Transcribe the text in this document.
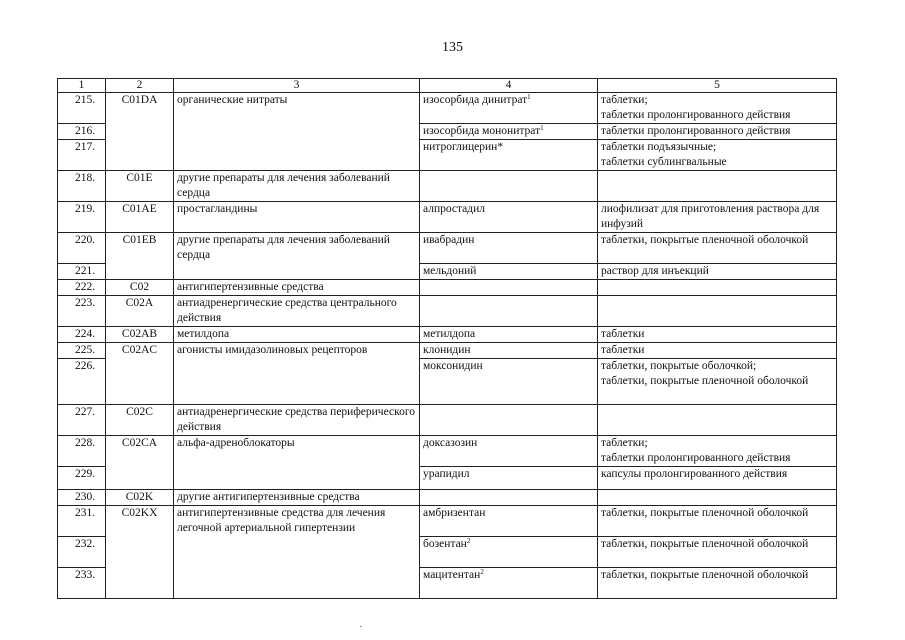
135
1	2	3	4	5
215.	C01DA	органические нитраты	изосорбида динитрат$^1$	таблетки;
таблетки пролонгированного действия

216.			изосорбида мононитрат$^1$	таблетки пролонгированного действия

217.			нитроглицерин*	таблетки подъязычные;
таблетки сублингвальные

218.	C01E	другие препараты для лечения заболеваний сердца		
219.	C01AE	простагландины	алпростадил	лиофилизат для приготовления раствора для инфузий

220.	C01EB	другие препараты для лечения заболеваний сердца	ивабрадин	таблетки, покрытые пленочной оболочкой

221.			мельдоний	раствор для инъекций

222.	C02	антигипертензивные средства		
223.	C02A	антиадренергические средства центрального действия		
224.	C02AB	метилдопа	метилдопа	таблетки

225.	C02AC	агонисты имидазолиновых рецепторов	клонидин	таблетки

226.			моксонидин	таблетки, покрытые оболочкой;
таблетки, покрытые пленочной оболочкой

227.	C02C	антиадренергические средства периферического действия		
228.	C02CA	альфа-адреноблокаторы	доксазозин	таблетки;
таблетки пролонгированного действия

229.			урапидил	капсулы пролонгированного действия

230.	C02K	другие антигипертензивные средства		
231.	C02KX	антигипертензивные средства для лечения легочной артериальной гипертензии	амбризентан	таблетки, покрытые пленочной оболочкой

232.			бозентан$^2$	таблетки, покрытые пленочной оболочкой

233.			мацитентан$^2$	таблетки, покрытые пленочной оболочкой
